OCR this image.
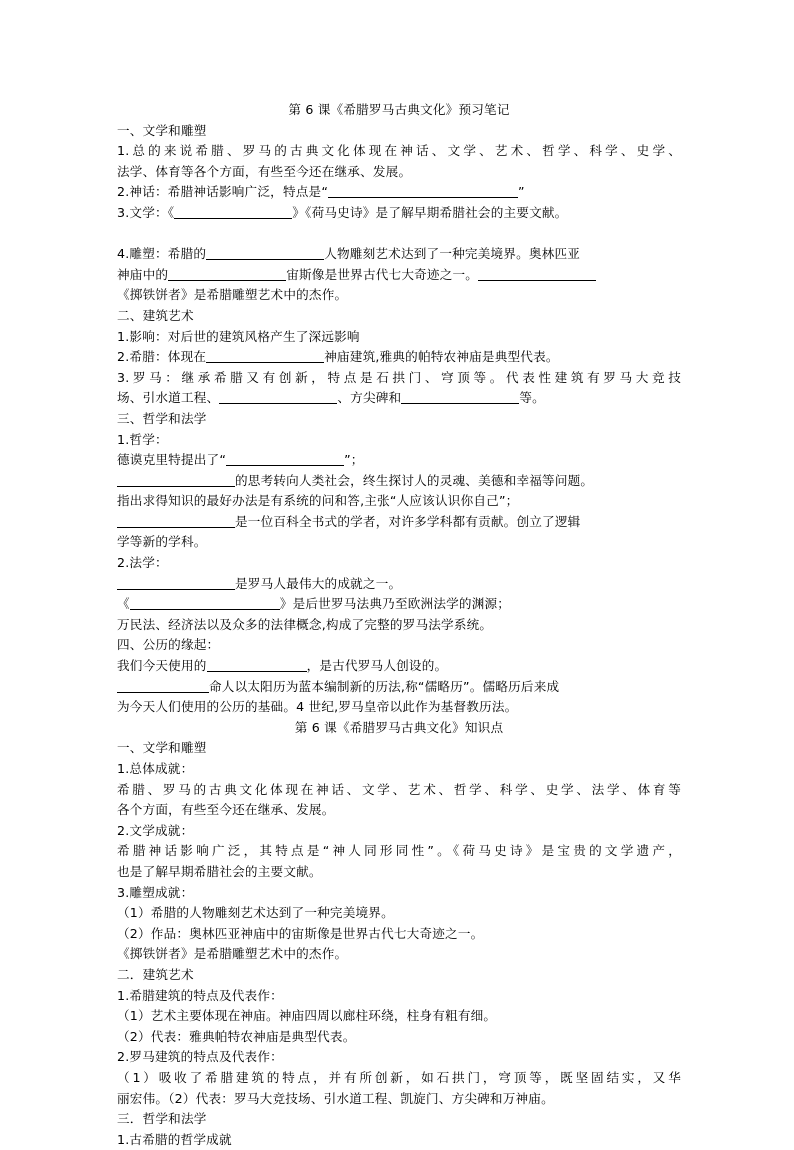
第 6 课《希腊罗马古典文化》预习笔记
一、文学和雕塑
1.总的来说希腊、罗马的古典文化体现在神话、文学、艺术、哲学、科学、史学、
法学、体育等各个方面，有些至今还在继承、发展。
2.神话：希腊神话影响广泛，特点是“	”
3.文学：《	》《荷马史诗》是了解早期希腊社会的主要文献。
4.雕塑：希腊的	人物雕刻艺术达到了一种完美境界。奥林匹亚
神庙中的	宙斯像是世界古代七大奇迹之一。
《掷铁饼者》是希腊雕塑艺术中的杰作。
二、建筑艺术
1.影响：对后世的建筑风格产生了深远影响
2.希腊：体现在	神庙建筑,雅典的帕特农神庙是典型代表。
3.罗马：继承希腊又有创新，特点是石拱门、穹顶等。代表性建筑有罗马大竞技
场、引水道工程、	、方尖碑和	等。
三、哲学和法学
1.哲学：
德谟克里特提出了“	”；
的思考转向人类社会，终生探讨人的灵魂、美德和幸福等问题。
指出求得知识的最好办法是有系统的问和答,主张“人应该认识你自己”；
是一位百科全书式的学者，对许多学科都有贡献。创立了逻辑
学等新的学科。
2.法学：
是罗马人最伟大的成就之一。
《	》是后世罗马法典乃至欧洲法学的渊源；
万民法、经济法以及众多的法律概念,构成了完整的罗马法学系统。
四、公历的缘起：
我们今天使用的	，是古代罗马人创设的。
命人以太阳历为蓝本编制新的历法,称“儒略历”。儒略历后来成
为今天人们使用的公历的基础。4 世纪,罗马皇帝以此作为基督教历法。
第 6 课《希腊罗马古典文化》知识点
一、文学和雕塑
1.总体成就：
希腊、罗马的古典文化体现在神话、文学、艺术、哲学、科学、史学、法学、体育等
各个方面，有些至今还在继承、发展。
2.文学成就：
希腊神话影响广泛，其特点是“神人同形同性”。《荷马史诗》是宝贵的文学遗产，
也是了解早期希腊社会的主要文献。
3.雕塑成就：
（1）希腊的人物雕刻艺术达到了一种完美境界。
（2）作品：奥林匹亚神庙中的宙斯像是世界古代七大奇迹之一。
《掷铁饼者》是希腊雕塑艺术中的杰作。
二．建筑艺术
1.希腊建筑的特点及代表作：
（1）艺术主要体现在神庙。神庙四周以廊柱环绕，柱身有粗有细。
（2）代表：雅典帕特农神庙是典型代表。
2.罗马建筑的特点及代表作：
（1）吸收了希腊建筑的特点，并有所创新，如石拱门，穹顶等，既坚固结实，又华
丽宏伟。（2）代表：罗马大竞技场、引水道工程、凯旋门、方尖碑和万神庙。
三．哲学和法学
1.古希腊的哲学成就
